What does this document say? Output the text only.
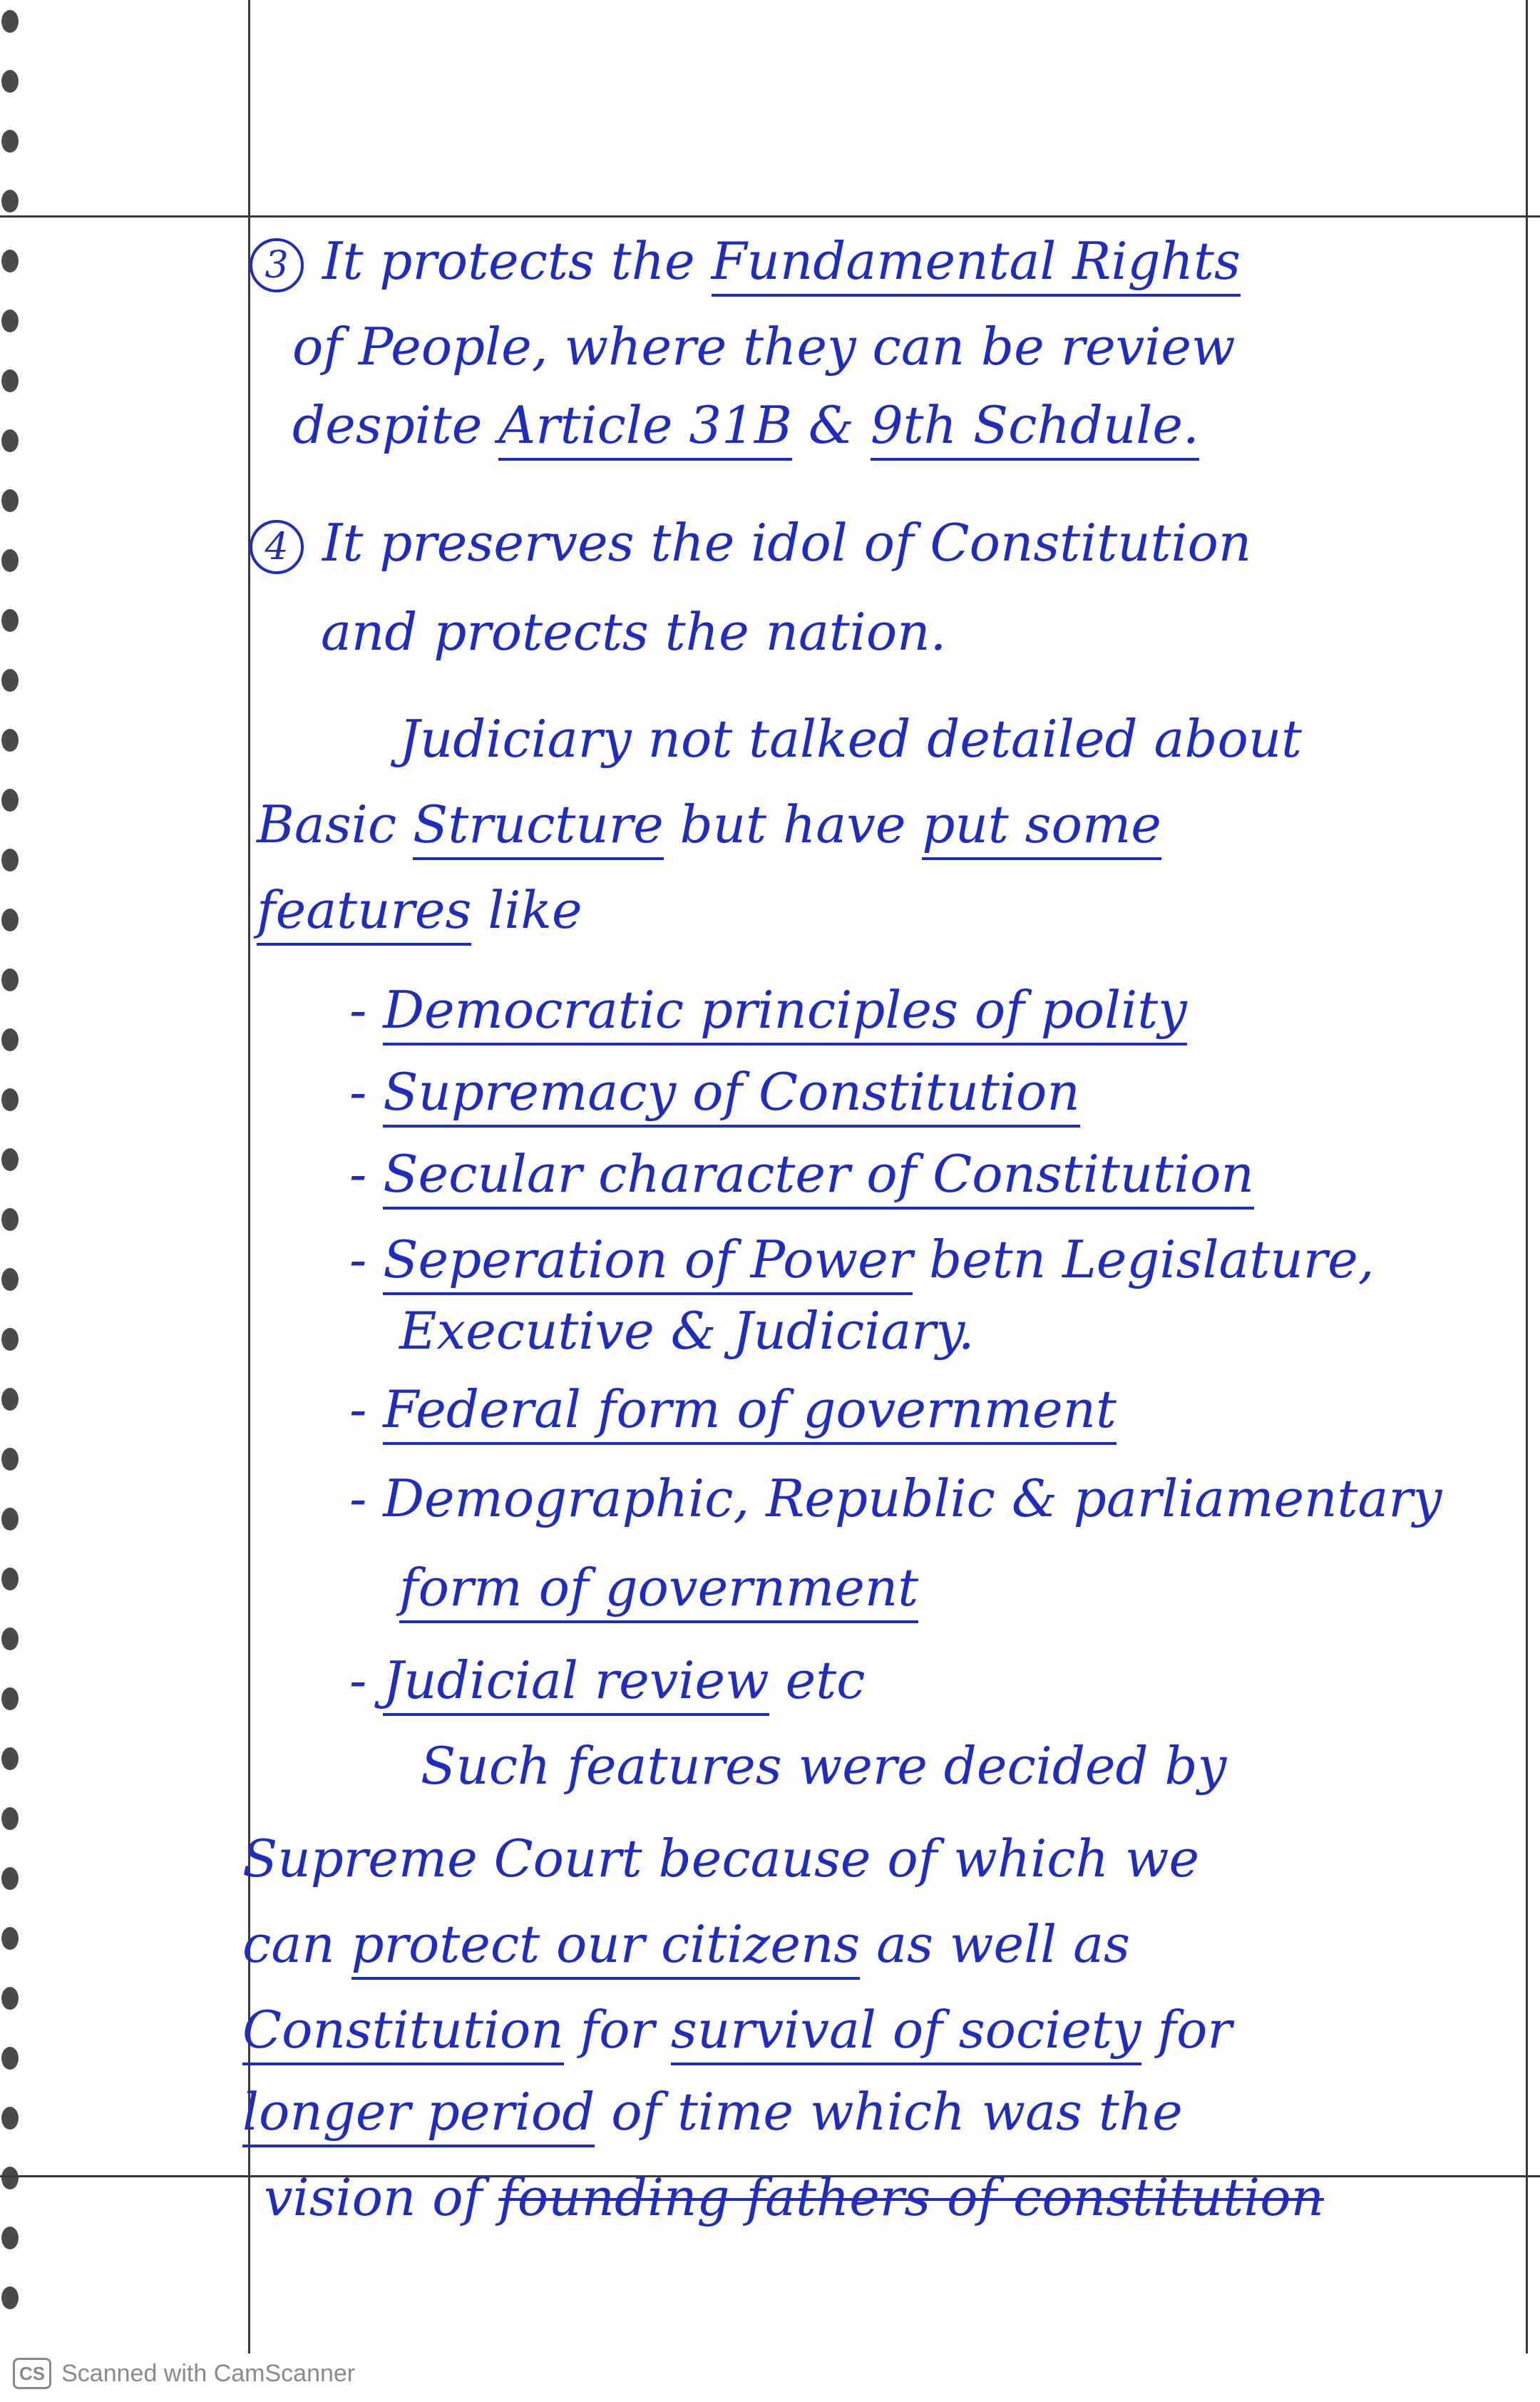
3 It protects the Fundamental Rights
of People, where they can be review
despite Article 31B & 9th Schdule.
4 It preserves the idol of Constitution
and protects the nation.
Judiciary not talked detailed about
Basic Structure but have put some
features like
- Democratic principles of polity
- Supremacy of Constitution
- Secular character of Constitution
- Seperation of Power betn Legislature,
Executive & Judiciary.
- Federal form of government
- Demographic, Republic & parliamentary
form of government
- Judicial review etc
Such features were decided by
Supreme Court because of which we
can protect our citizens as well as
Constitution for survival of society for
longer period of time which was the
vision of founding fathers of constitution
CS Scanned with CamScanner
